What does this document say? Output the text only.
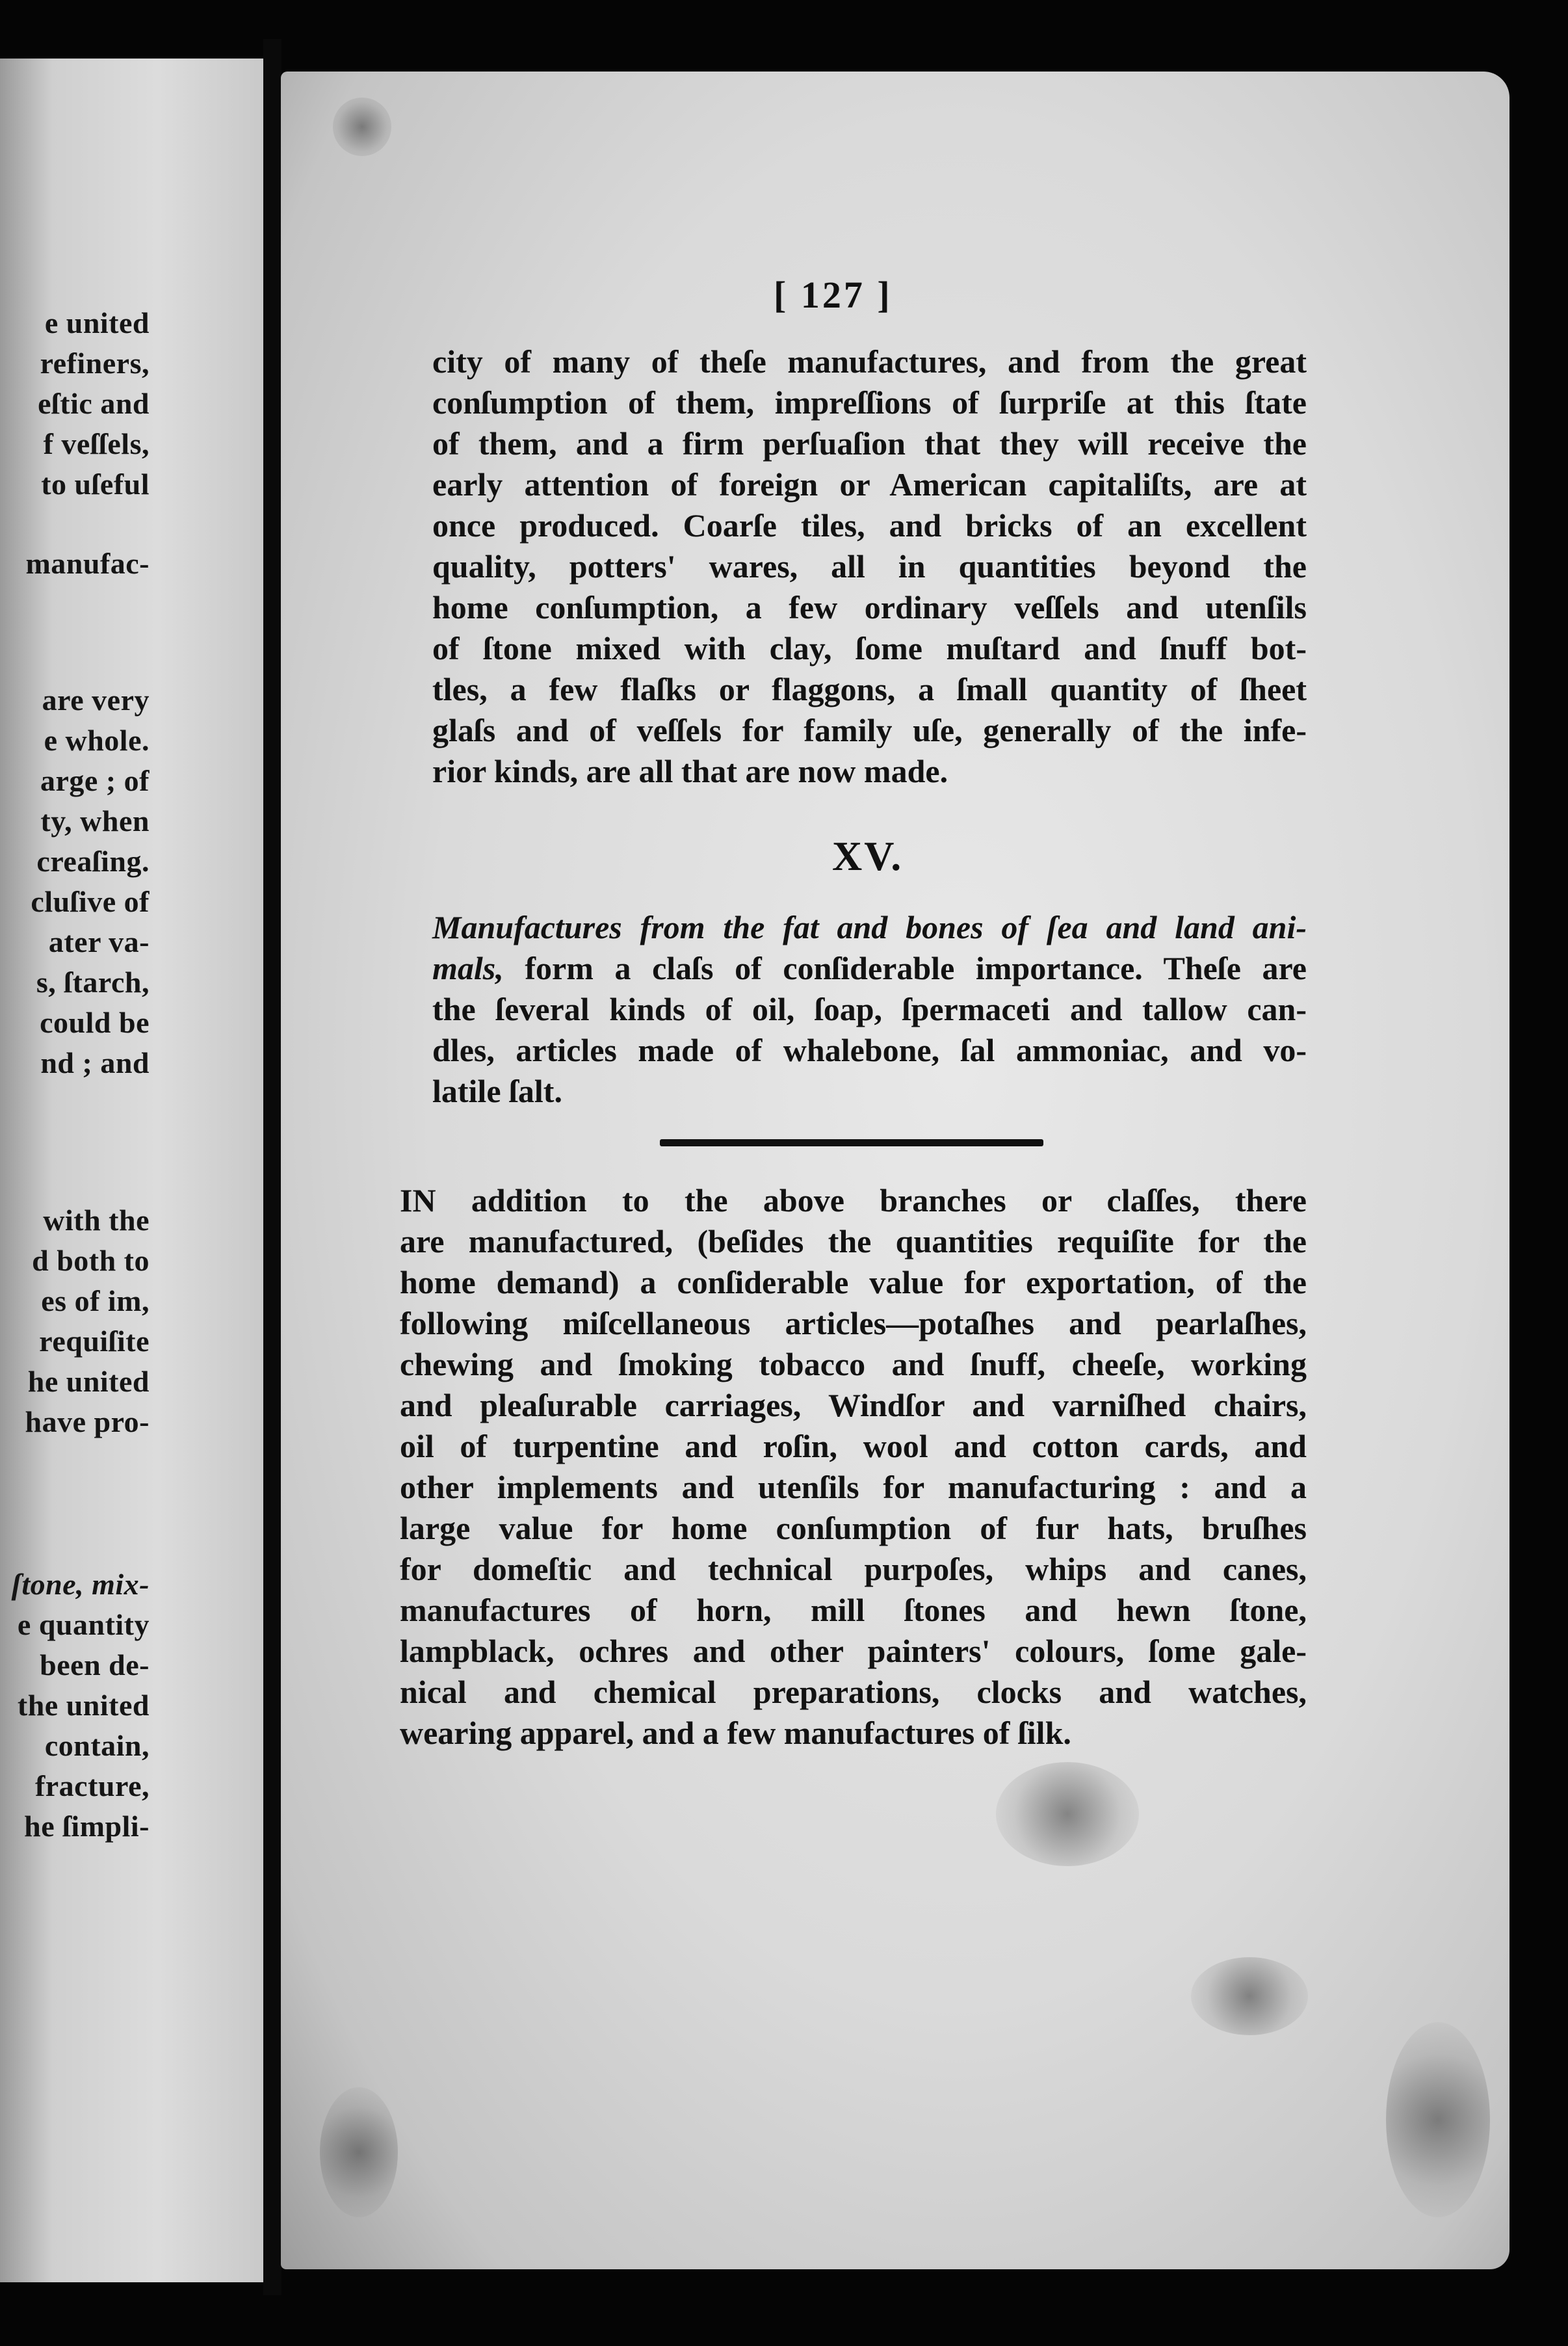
e united
refiners,
eſtic and
f veſſels,
to uſeful
manufac-
are very
e whole.
arge ; of
ty, when
creaſing.
cluſive of
ater va-
s, ſtarch,
could be
nd ; and
with the
d both to
es of im,
requiſite
he united
have pro-
ſtone, mix-
e quantity
been de-
the united
contain,
fracture,
he ſimpli-
[ 127 ]
city of many of theſe manufactures, and from the great
conſumption of them, impreſſions of ſurpriſe at this ſtate
of them, and a firm perſuaſion that they will receive the
early attention of foreign or American capitaliſts, are at
once produced. Coarſe tiles, and bricks of an excellent
quality, potters' wares, all in quantities beyond the
home conſumption, a few ordinary veſſels and utenſils
of ſtone mixed with clay, ſome muſtard and ſnuff bot-
tles, a few flaſks or flaggons, a ſmall quantity of ſheet
glaſs and of veſſels for family uſe, generally of the infe-
rior kinds, are all that are now made.
XV.
Manufactures from the fat and bones of ſea and land ani-
mals, form a claſs of conſiderable importance. Theſe are
the ſeveral kinds of oil, ſoap, ſpermaceti and tallow can-
dles, articles made of whalebone, ſal ammoniac, and vo-
latile ſalt.
IN addition to the above branches or claſſes, there
are manufactured, (beſides the quantities requiſite for the
home demand) a conſiderable value for exportation, of the
following miſcellaneous articles—potaſhes and pearlaſhes,
chewing and ſmoking tobacco and ſnuff, cheeſe, working
and pleaſurable carriages, Windſor and varniſhed chairs,
oil of turpentine and roſin, wool and cotton cards, and
other implements and utenſils for manufacturing : and a
large value for home conſumption of fur hats, bruſhes
for domeſtic and technical purpoſes, whips and canes,
manufactures of horn, mill ſtones and hewn ſtone,
lampblack, ochres and other painters' colours, ſome gale-
nical and chemical preparations, clocks and watches,
wearing apparel, and a few manufactures of ſilk.
